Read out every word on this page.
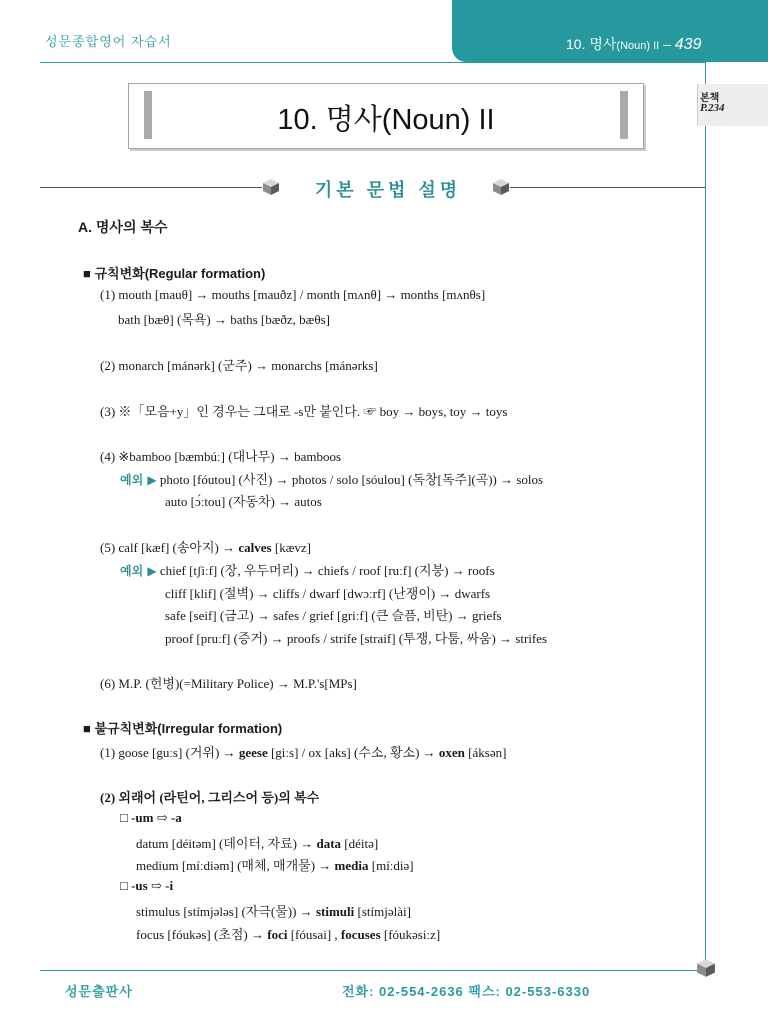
성문종합영어 자습서	10. 명사(Noun) II – 439
본책
P.234
10. 명사(Noun) II
기본 문법 설명
A. 명사의 복수
■ 규칙변화(Regular formation)
(1) mouth [mauθ] → mouths [mauðz] / month [mʌnθ] → months [mʌnθs]
bath [bæθ] (목욕) → baths [bæðz, bæθs]
(2) monarch [mánərk] (군주) → monarchs [mánərks]
(3) ※「모음+y」인 경우는 그대로 -s만 붙인다. ☞ boy → boys, toy → toys
(4) ※bamboo [bæmbúː] (대나무) → bamboos
예외 ▶ photo [fóutou] (사진) → photos / solo [sóulou] (독창[독주](곡)) → solos
auto [ɔ́ːtou] (자동차) → autos
(5) calf [kæf] (송아지) → calves [kævz]
예외 ▶ chief [tʃiːf] (장, 우두머리) → chiefs / roof [ruːf] (지붕) → roofs
cliff [klif] (절벽) → cliffs / dwarf [dwɔːrf] (난쟁이) → dwarfs
safe [seif] (금고) → safes / grief [griːf] (큰 슬픔, 비탄) → griefs
proof [pruːf] (증거) → proofs / strife [straif] (투쟁, 다툼, 싸움) → strifes
(6) M.P. (헌병)(=Military Police) → M.P.'s[MPs]
■ 불규칙변화(Irregular formation)
(1) goose [guːs] (거위) → geese [giːs] / ox [aks] (수소, 황소) → oxen [áksən]
(2) 외래어 (라틴어, 그리스어 등)의 복수
□ -um ⇨ -a
datum [déitəm] (데이터, 자료) → data [déitə]
medium [míːdiəm] (매체, 매개물) → media [míːdiə]
□ -us ⇨ -i
stimulus [stímjələs] (자극(물)) → stimuli [stímjəlài]
focus [fóukəs] (초점) → foci [fóusai] , focuses [fóukəsiːz]
성문출판사	전화: 02-554-2636 팩스: 02-553-6330
